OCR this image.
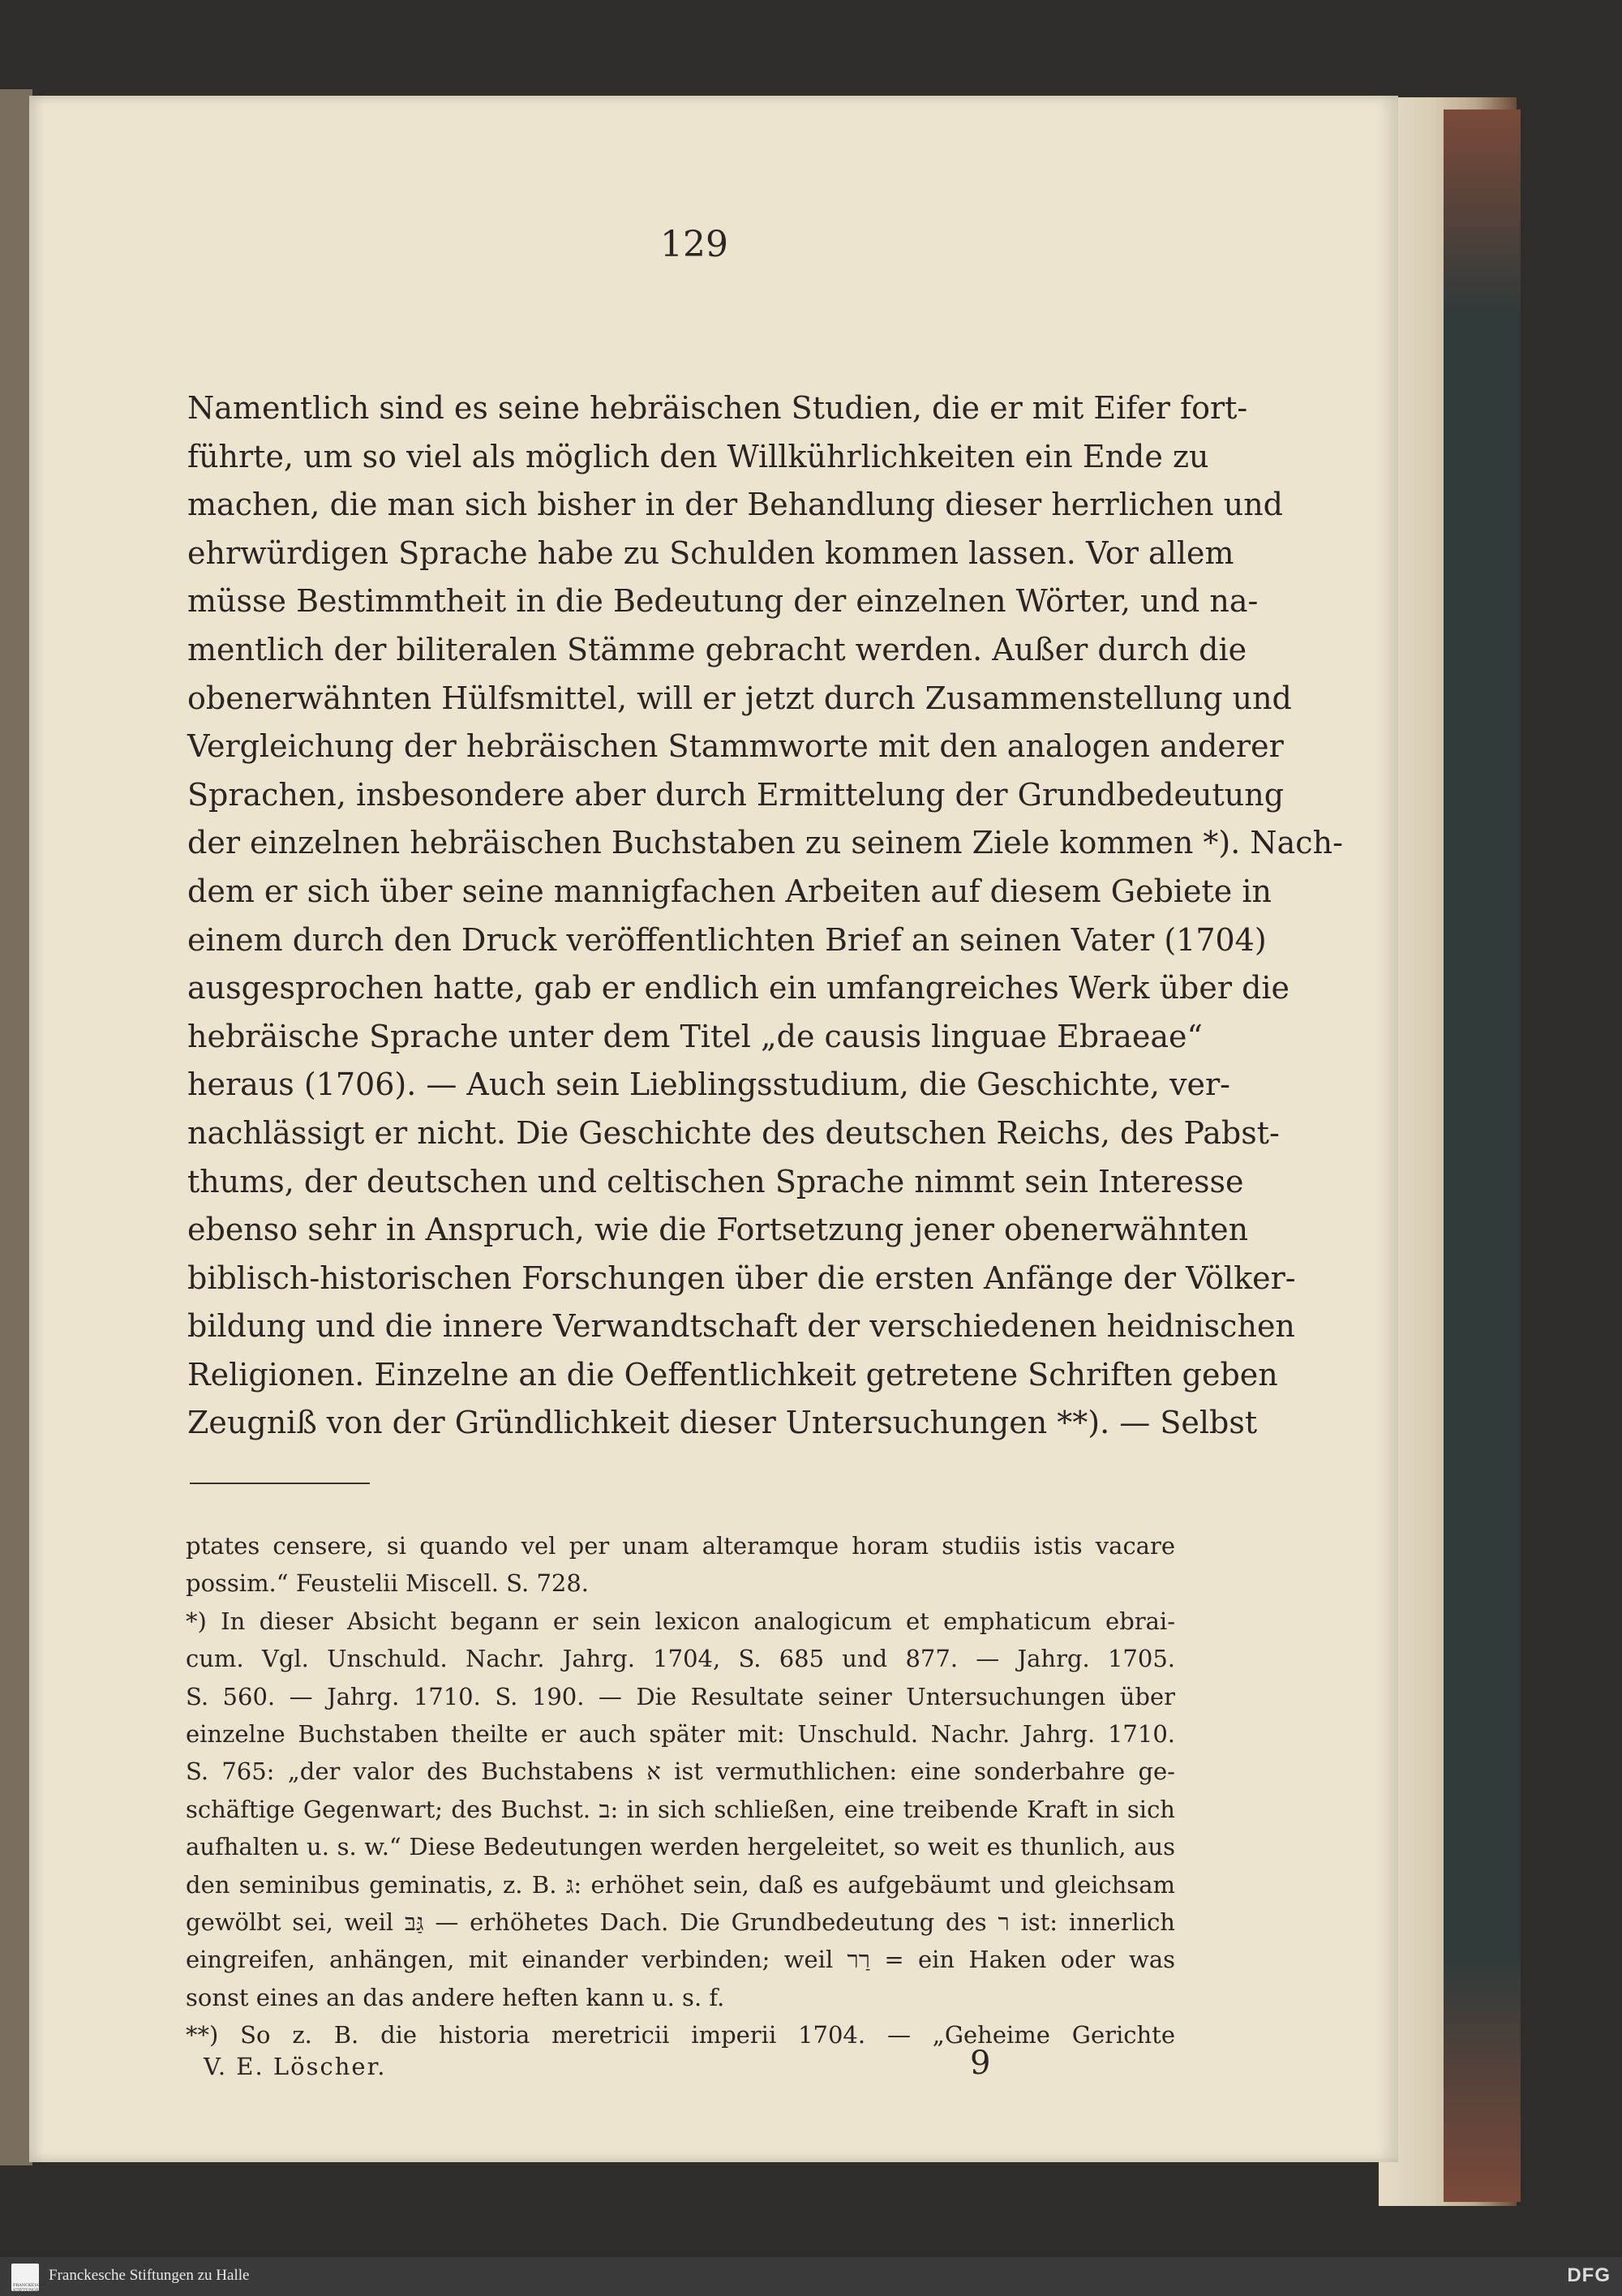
129
Namentlich sind es seine hebräischen Studien, die er mit Eifer fort-
führte, um so viel als möglich den Willkührlichkeiten ein Ende zu
machen, die man sich bisher in der Behandlung dieser herrlichen und
ehrwürdigen Sprache habe zu Schulden kommen lassen. Vor allem
müsse Bestimmtheit in die Bedeutung der einzelnen Wörter, und na-
mentlich der biliteralen Stämme gebracht werden. Außer durch die
obenerwähnten Hülfsmittel, will er jetzt durch Zusammenstellung und
Vergleichung der hebräischen Stammworte mit den analogen anderer
Sprachen, insbesondere aber durch Ermittelung der Grundbedeutung
der einzelnen hebräischen Buchstaben zu seinem Ziele kommen *). Nach-
dem er sich über seine mannigfachen Arbeiten auf diesem Gebiete in
einem durch den Druck veröffentlichten Brief an seinen Vater (1704)
ausgesprochen hatte, gab er endlich ein umfangreiches Werk über die
hebräische Sprache unter dem Titel „de causis linguae Ebraeae“
heraus (1706). — Auch sein Lieblingsstudium, die Geschichte, ver-
nachlässigt er nicht. Die Geschichte des deutschen Reichs, des Pabst-
thums, der deutschen und celtischen Sprache nimmt sein Interesse
ebenso sehr in Anspruch, wie die Fortsetzung jener obenerwähnten
biblisch-historischen Forschungen über die ersten Anfänge der Völker-
bildung und die innere Verwandtschaft der verschiedenen heidnischen
Religionen. Einzelne an die Oeffentlichkeit getretene Schriften geben
Zeugniß von der Gründlichkeit dieser Untersuchungen **). — Selbst
ptates censere, si quando vel per unam alteramque horam studiis istis vacare
possim.“ Feustelii Miscell. S. 728.
*) In dieser Absicht begann er sein lexicon analogicum et emphaticum ebrai-
cum. Vgl. Unschuld. Nachr. Jahrg. 1704, S. 685 und 877. — Jahrg. 1705.
S. 560. — Jahrg. 1710. S. 190. — Die Resultate seiner Untersuchungen über
einzelne Buchstaben theilte er auch später mit: Unschuld. Nachr. Jahrg. 1710.
S. 765: „der valor des Buchstabens א ist vermuthlichen: eine sonderbahre ge-
schäftige Gegenwart; des Buchst. ב: in sich schließen, eine treibende Kraft in sich
aufhalten u. s. w.“ Diese Bedeutungen werden hergeleitet, so weit es thunlich, aus
den seminibus geminatis, z. B. גּ: erhöhet sein, daß es aufgebäumt und gleichsam
gewölbt sei, weil גַּבּ — erhöhetes Dach. Die Grundbedeutung des ר ist: innerlich
eingreifen, anhängen, mit einander verbinden; weil רַר = ein Haken oder was
sonst eines an das andere heften kann u. s. f.
**) So z. B. die historia meretricii imperii 1704. — „Geheime Gerichte
V. E. Löscher.	9
FRANCKESCHE STIFTUNGEN
Franckesche Stiftungen zu Halle	DFG
